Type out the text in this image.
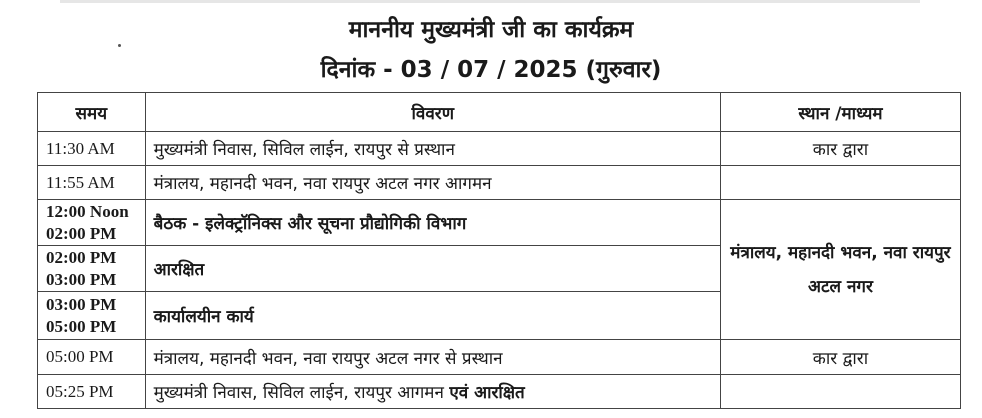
माननीय मुख्यमंत्री जी का कार्यक्रम
दिनांक - 03 / 07 / 2025 (गुरुवार)
समय	विवरण	स्थान /माध्यम

11:30 AM	मुख्यमंत्री निवास, सिविल लाईन, रायपुर से प्रस्थान	कार द्वारा

11:55 AM	मंत्रालय, महानदी भवन, नवा रायपुर अटल नगर आगमन	

12:00 Noon
02:00 PM	बैठक - इलेक्ट्रॉनिक्स और सूचना प्रौद्योगिकी विभाग	मंत्रालय, महानदी भवन, नवा रायपुर अटल नगर

02:00 PM
03:00 PM	आरक्षित	

03:00 PM
05:00 PM	कार्यालयीन कार्य	

05:00 PM	मंत्रालय, महानदी भवन, नवा रायपुर अटल नगर से प्रस्थान	कार द्वारा

05:25 PM	मुख्यमंत्री निवास, सिविल लाईन, रायपुर आगमन एवं आरक्षित	
